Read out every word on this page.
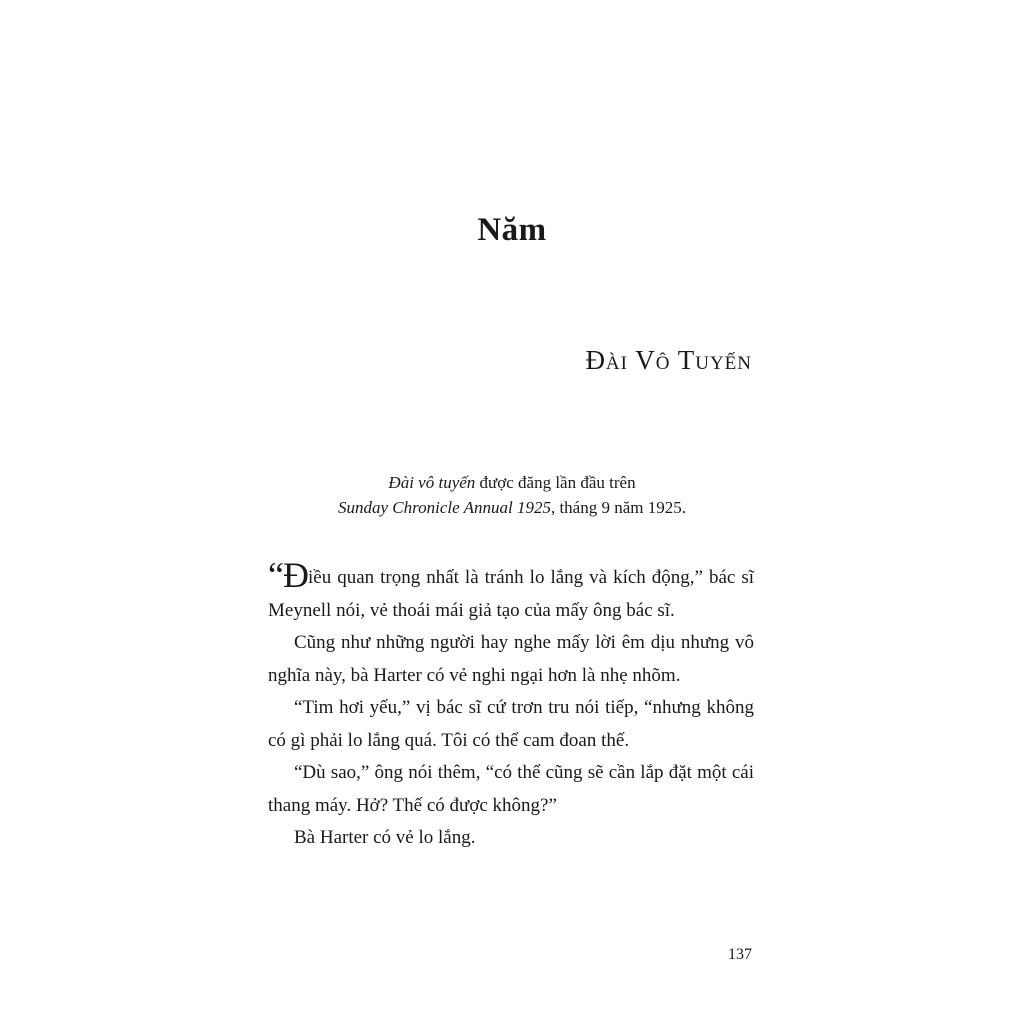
Năm
Đài Vô Tuyến
Đài vô tuyến được đăng lần đầu trên
Sunday Chronicle Annual 1925, tháng 9 năm 1925.

“Điều quan trọng nhất là tránh lo lắng và kích động,” bác sĩ Meynell nói, vẻ thoái mái giả tạo của mấy ông bác sĩ.

Cũng như những người hay nghe mấy lời êm dịu nhưng vô nghĩa này, bà Harter có vẻ nghi ngại hơn là nhẹ nhõm.

“Tim hơi yếu,” vị bác sĩ cứ trơn tru nói tiếp, “nhưng không có gì phải lo lắng quá. Tôi có thể cam đoan thế.

“Dù sao,” ông nói thêm, “có thể cũng sẽ cần lắp đặt một cái thang máy. Hở? Thế có được không?”

Bà Harter có vẻ lo lắng.

137
